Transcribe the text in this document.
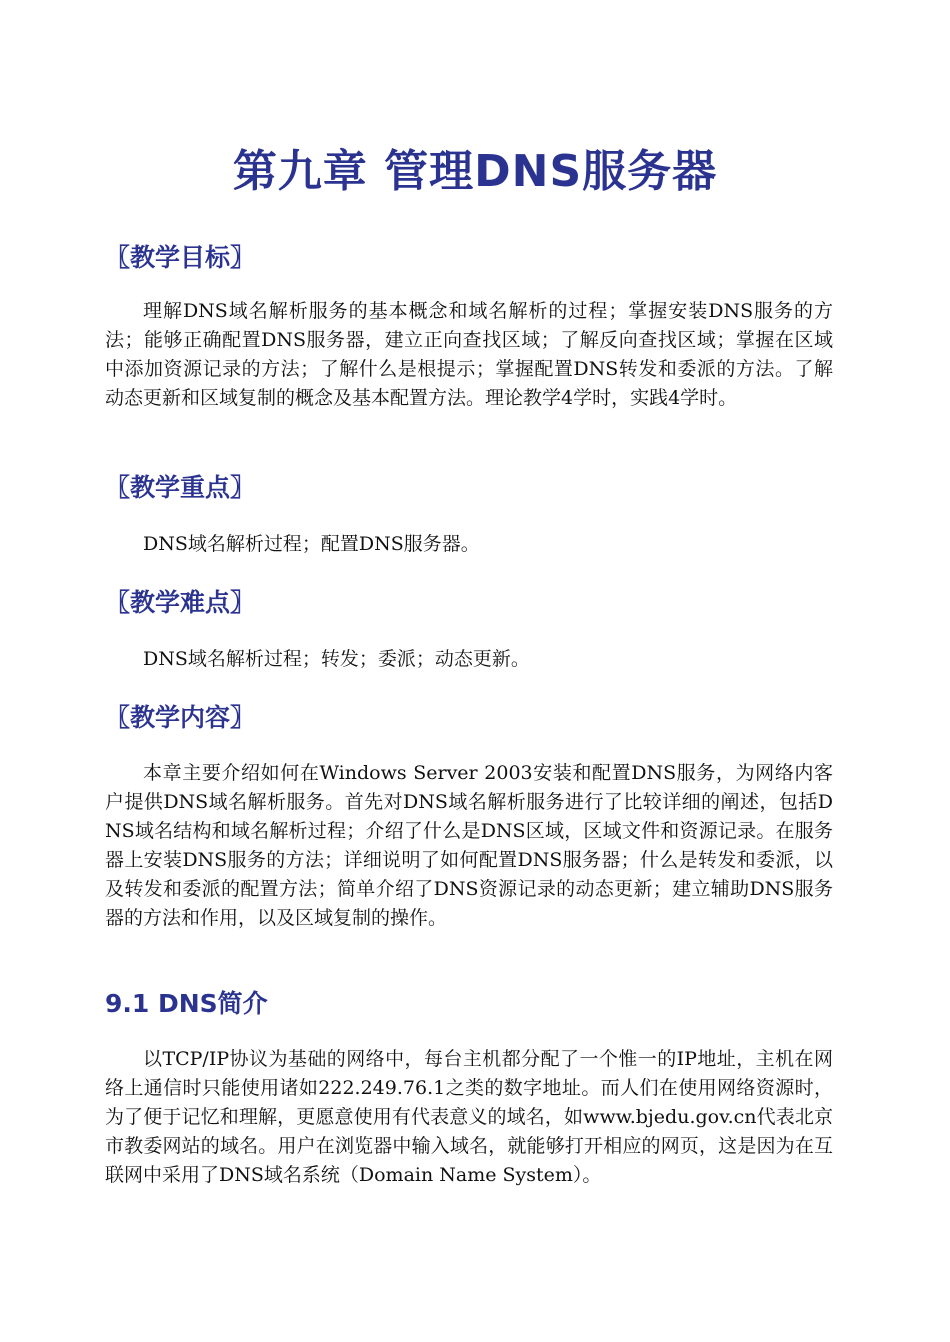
第九章 管理DNS服务器
〖教学目标〗

理解DNS域名解析服务的基本概念和域名解析的过程；掌握安装DNS服务的方法；能够正确配置DNS服务器，建立正向查找区域；了解反向查找区域；掌握在区域中添加资源记录的方法；了解什么是根提示；掌握配置DNS转发和委派的方法。了解动态更新和区域复制的概念及基本配置方法。理论教学4学时，实践4学时。

〖教学重点〗

DNS域名解析过程；配置DNS服务器。

〖教学难点〗

DNS域名解析过程；转发；委派；动态更新。

〖教学内容〗

本章主要介绍如何在Windows Server 2003安装和配置DNS服务，为网络内客户提供DNS域名解析服务。首先对DNS域名解析服务进行了比较详细的阐述，包括DNS域名结构和域名解析过程；介绍了什么是DNS区域，区域文件和资源记录。在服务器上安装DNS服务的方法；详细说明了如何配置DNS服务器；什么是转发和委派，以及转发和委派的配置方法；简单介绍了DNS资源记录的动态更新；建立辅助DNS服务器的方法和作用，以及区域复制的操作。

9.1 DNS简介

以TCP/IP协议为基础的网络中，每台主机都分配了一个惟一的IP地址，主机在网络上通信时只能使用诸如222.249.76.1之类的数字地址。而人们在使用网络资源时，为了便于记忆和理解，更愿意使用有代表意义的域名，如www.bjedu.gov.cn代表北京市教委网站的域名。用户在浏览器中输入域名，就能够打开相应的网页，这是因为在互联网中采用了DNS域名系统（Domain Name System）。
